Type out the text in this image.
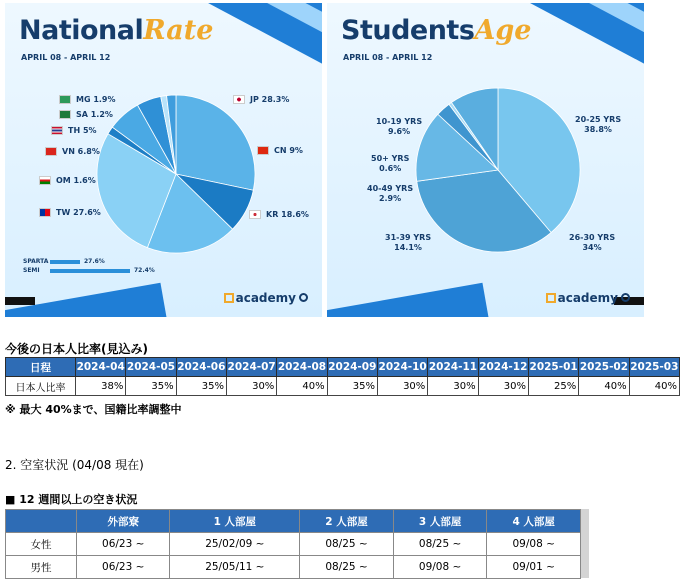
NationalRate
APRIL 08 - APRIL 12
MG 1.9%
SA 1.2%
TH 5%
VN 6.8%
OM 1.6%
TW 27.6%
JP 28.3%
CN 9%
KR 18.6%
SPARTA	27.6%
SEMI	72.4%
academy
StudentsAge
APRIL 08 - APRIL 12
20-25 YRS
38.8%
26-30 YRS
34%
31-39 YRS
14.1%
40-49 YRS
2.9%
50+ YRS
0.6%
10-19 YRS
9.6%
academy
今後の日本人比率(見込み)
日程	2024-04	2024-05	2024-06	2024-07	2024-08	2024-09	2024-10	2024-11	2024-12	2025-01	2025-02	2025-03
日本人比率	38%	35%	35%	30%	40%	35%	30%	30%	30%	25%	40%	40%
※ 最大 40%まで、国籍比率調整中
2. 空室状況 (04/08 現在)
■ 12 週間以上の空き状況
	外部寮	1 人部屋	2 人部屋	3 人部屋	4 人部屋
女性	06/23 ~	25/02/09 ~	08/25 ~	08/25 ~	09/08 ~
男性	06/23 ~	25/05/11 ~	08/25 ~	09/08 ~	09/01 ~
